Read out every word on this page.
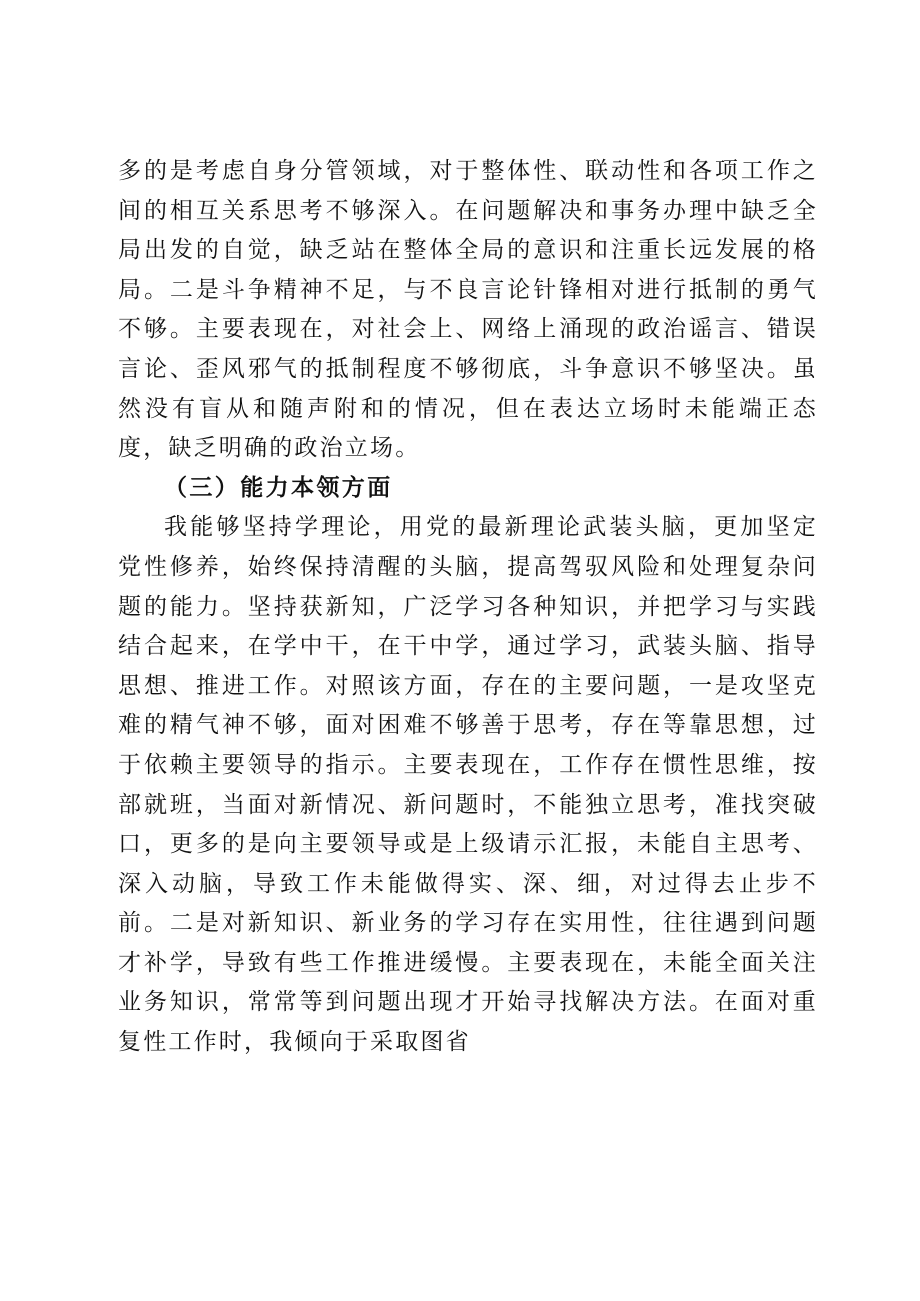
多的是考虑自身分管领域，对于整体性、联动性和各项工作之间的相互关系思考不够深入。在问题解决和事务办理中缺乏全局出发的自觉，缺乏站在整体全局的意识和注重长远发展的格局。二是斗争精神不足，与不良言论针锋相对进行抵制的勇气不够。主要表现在，对社会上、网络上涌现的政治谣言、错误言论、歪风邪气的抵制程度不够彻底，斗争意识不够坚决。虽然没有盲从和随声附和的情况，但在表达立场时未能端正态度，缺乏明确的政治立场。

（三）能力本领方面

我能够坚持学理论，用党的最新理论武装头脑，更加坚定党性修养，始终保持清醒的头脑，提高驾驭风险和处理复杂问题的能力。坚持获新知，广泛学习各种知识，并把学习与实践结合起来，在学中干，在干中学，通过学习，武装头脑、指导思想、推进工作。对照该方面，存在的主要问题，一是攻坚克难的精气神不够，面对困难不够善于思考，存在等靠思想，过于依赖主要领导的指示。主要表现在，工作存在惯性思维，按部就班，当面对新情况、新问题时，不能独立思考，准找突破口，更多的是向主要领导或是上级请示汇报，未能自主思考、深入动脑，导致工作未能做得实、深、细，对过得去止步不前。二是对新知识、新业务的学习存在实用性，往往遇到问题才补学，导致有些工作推进缓慢。主要表现在，未能全面关注业务知识，常常等到问题出现才开始寻找解决方法。在面对重复性工作时，我倾向于采取图省
